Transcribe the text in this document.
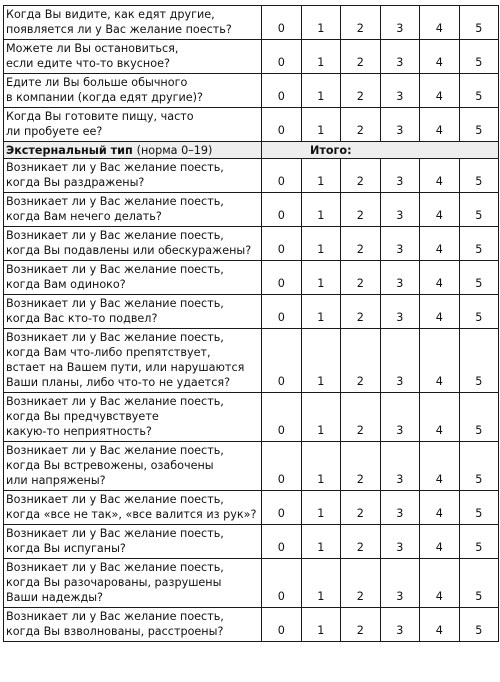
Когда Вы видите, как едят другие,
появляется ли у Вас желание поесть?	0	1	2	3	4	5

Можете ли Вы остановиться,
если едите что-то вкусное?	0	1	2	3	4	5

Едите ли Вы больше обычного
в компании (когда едят другие)?	0	1	2	3	4	5

Когда Вы готовите пищу, часто
ли пробуете ее?	0	1	2	3	4	5
Экстернальный тип (норма 0–19)	Итого:					

Возникает ли у Вас желание поесть,
когда Вы раздражены?	0	1	2	3	4	5

Возникает ли у Вас желание поесть,
когда Вам нечего делать?	0	1	2	3	4	5

Возникает ли у Вас желание поесть,
когда Вы подавлены или обескуражены?	0	1	2	3	4	5

Возникает ли у Вас желание поесть,
когда Вам одиноко?	0	1	2	3	4	5

Возникает ли у Вас желание поесть,
когда Вас кто-то подвел?	0	1	2	3	4	5

Возникает ли у Вас желание поесть,
когда Вам что-либо препятствует,
встает на Вашем пути, или нарушаются
Ваши планы, либо что-то не удается?	0	1	2	3	4	5

Возникает ли у Вас желание поесть,
когда Вы предчувствуете
какую-то неприятность?	0	1	2	3	4	5

Возникает ли у Вас желание поесть,
когда Вы встревожены, озабочены
или напряжены?	0	1	2	3	4	5

Возникает ли у Вас желание поесть,
когда «все не так», «все валится из рук»?	0	1	2	3	4	5

Возникает ли у Вас желание поесть,
когда Вы испуганы?	0	1	2	3	4	5

Возникает ли у Вас желание поесть,
когда Вы разочарованы, разрушены
Ваши надежды?	0	1	2	3	4	5

Возникает ли у Вас желание поесть,
когда Вы взволнованы, расстроены?	0	1	2	3	4	5
